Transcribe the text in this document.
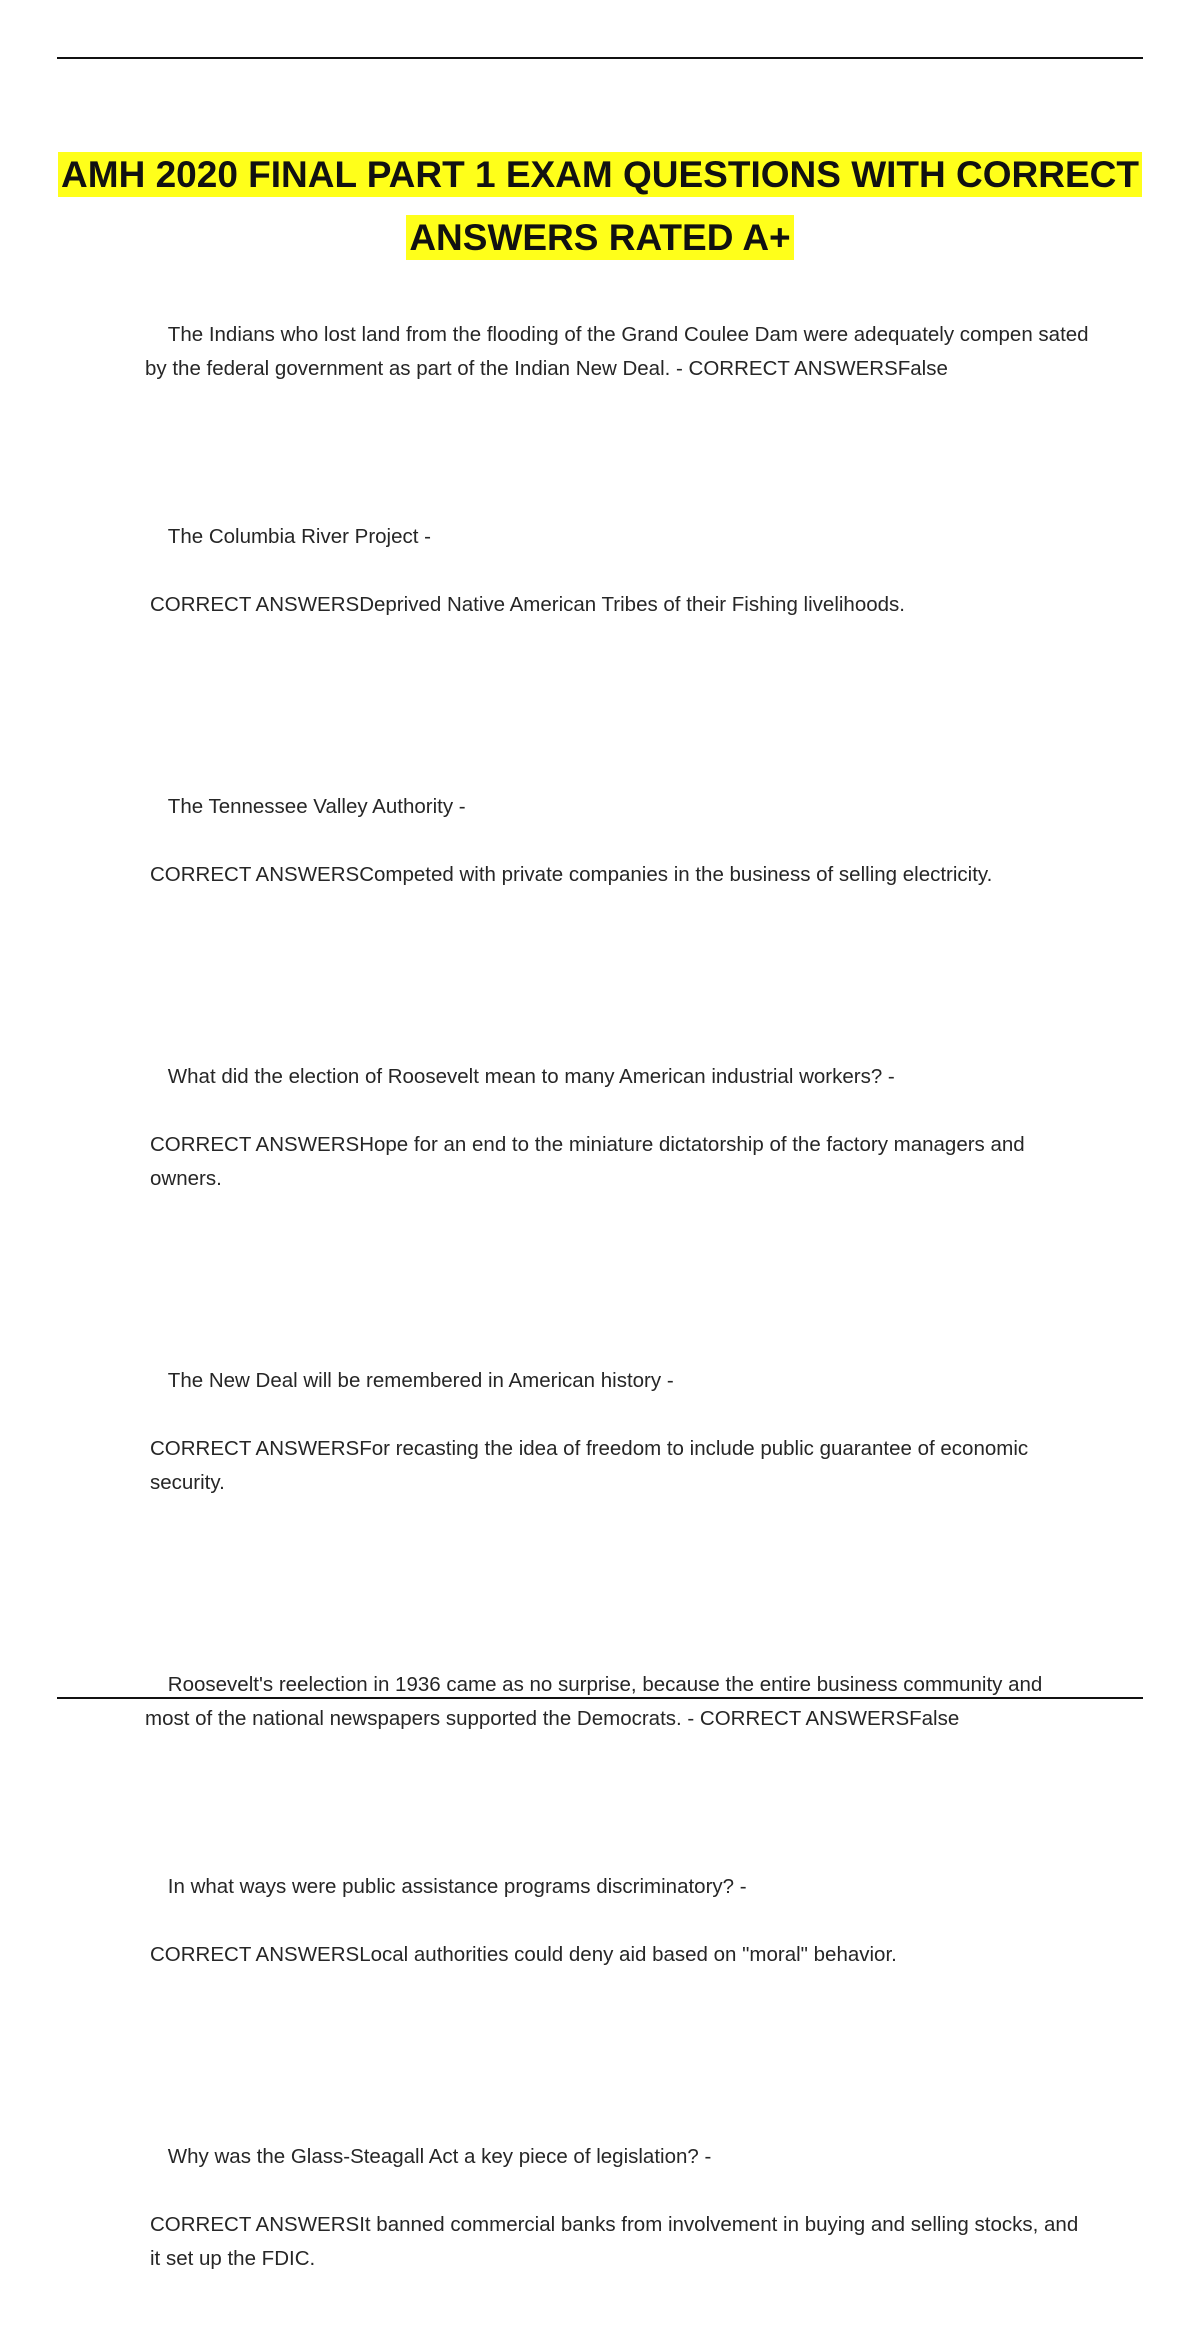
AMH 2020 FINAL PART 1 EXAM QUESTIONS WITH CORRECT ANSWERS RATED A+

The Indians who lost land from the flooding of the Grand Coulee Dam were adequately compen sated by the federal government as part of the Indian New Deal. - CORRECT ANSWERSFalse

The Columbia River Project -

CORRECT ANSWERSDeprived Native American Tribes of their Fishing livelihoods.

The Tennessee Valley Authority -

CORRECT ANSWERSCompeted with private companies in the business of selling electricity.

What did the election of Roosevelt mean to many American industrial workers? -

CORRECT ANSWERSHope for an end to the miniature dictatorship of the factory managers and owners.

The New Deal will be remembered in American history -

CORRECT ANSWERSFor recasting the idea of freedom to include public guarantee of economic security.

Roosevelt's reelection in 1936 came as no surprise, because the entire business community and most of the national newspapers supported the Democrats. - CORRECT ANSWERSFalse

In what ways were public assistance programs discriminatory? -

CORRECT ANSWERSLocal authorities could deny aid based on "moral" behavior.

Why was the Glass-Steagall Act a key piece of legislation? -

CORRECT ANSWERSIt banned commercial banks from involvement in buying and selling stocks, and it set up the FDIC.
